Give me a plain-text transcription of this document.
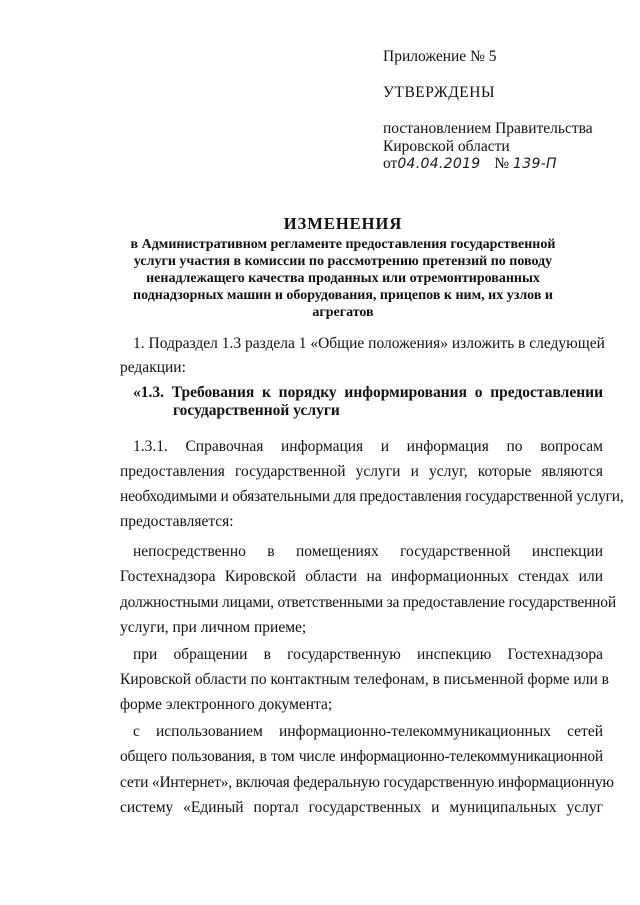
Приложение № 5
УТВЕРЖДЕНЫ
постановлением Правительства
Кировской области
от04.04.2019 № 139-П
ИЗМЕНЕНИЯ
в Административном регламенте предоставления государственной
услуги участия в комиссии по рассмотрению претензий по поводу
ненадлежащего качества проданных или отремонтированных
поднадзорных машин и оборудования, прицепов к ним, их узлов и
агрегатов
1. Подраздел 1.3 раздела 1 «Общие положения» изложить в следующей
редакции:
«1.3. Требования к порядку информирования о предоставлении
государственной услуги
1.3.1. Справочная информация и информация по вопросам
предоставления государственной услуги и услуг, которые являются
необходимыми и обязательными для предоставления государственной услуги,
предоставляется:
непосредственно в помещениях государственной инспекции
Гостехнадзора Кировской области на информационных стендах или
должностными лицами, ответственными за предоставление государственной
услуги, при личном приеме;
при обращении в государственную инспекцию Гостехнадзора
Кировской области по контактным телефонам, в письменной форме или в
форме электронного документа;
с использованием информационно-телекоммуникационных сетей
общего пользования, в том числе информационно-телекоммуникационной
сети «Интернет», включая федеральную государственную информационную
систему «Единый портал государственных и муниципальных услуг
